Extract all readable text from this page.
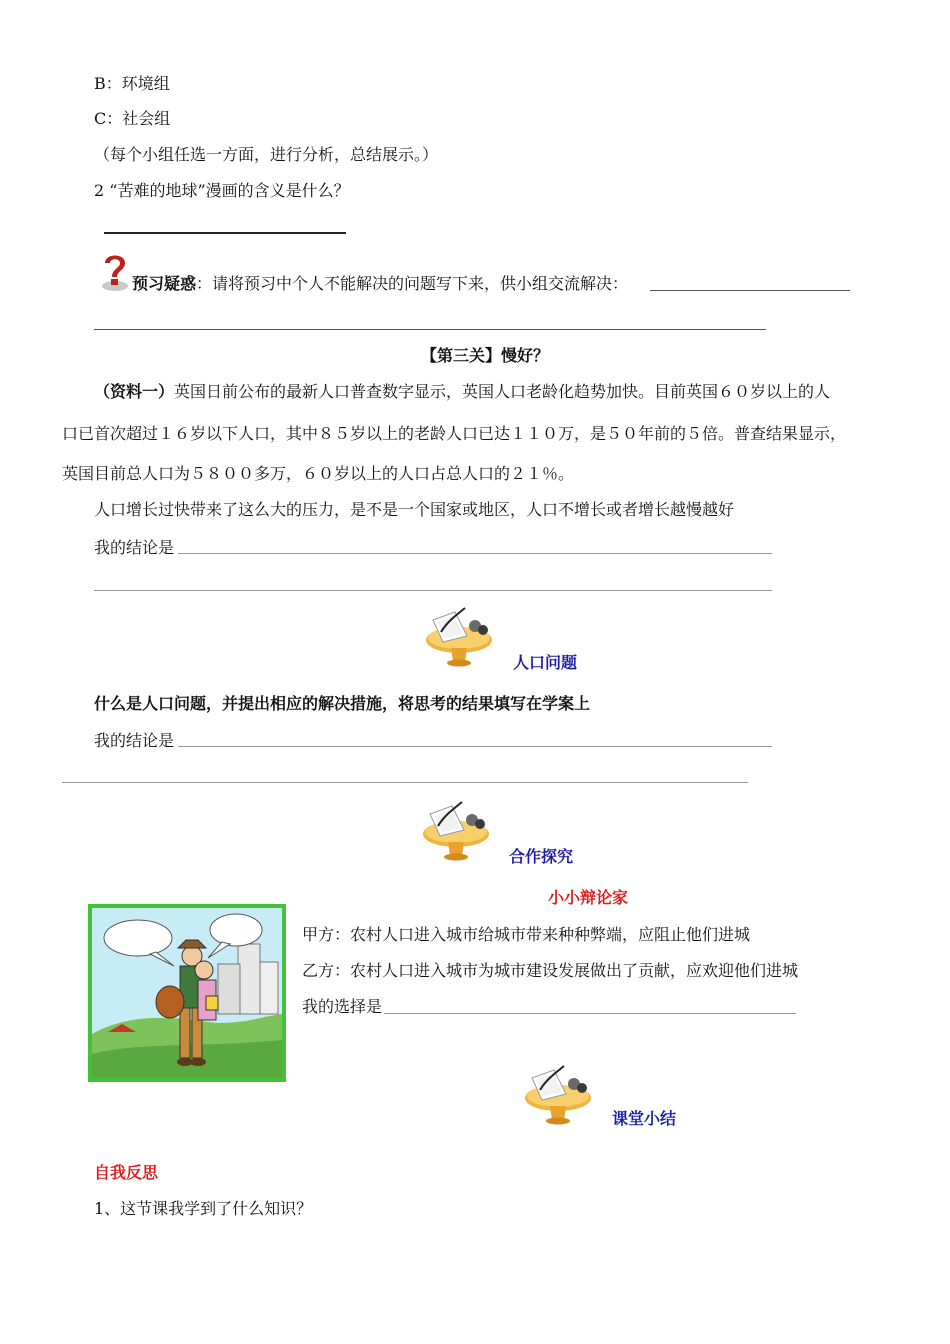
B：环境组
C：社会组
（每个小组任选一方面，进行分析，总结展示。）
2 “苦难的地球”漫画的含义是什么？
预习疑惑：请将预习中个人不能解决的问题写下来，供小组交流解决：
【第三关】慢好？
（资料一）英国日前公布的最新人口普查数字显示，英国人口老龄化趋势加快。目前英国６０岁以上的人
口已首次超过１６岁以下人口，其中８５岁以上的老龄人口已达１１０万，是５０年前的５倍。普查结果显示，
英国目前总人口为５８００多万，６０岁以上的人口占总人口的２１％。
人口增长过快带来了这么大的压力，是不是一个国家或地区，人口不增长或者增长越慢越好
我的结论是
人口问题
什么是人口问题，并提出相应的解决措施，将思考的结果填写在学案上
我的结论是
合作探究
小小辩论家
甲方：农村人口进入城市给城市带来种种弊端，应阻止他们进城
乙方：农村人口进入城市为城市建设发展做出了贡献，应欢迎他们进城
我的选择是
课堂小结
自我反思
1、这节课我学到了什么知识？
